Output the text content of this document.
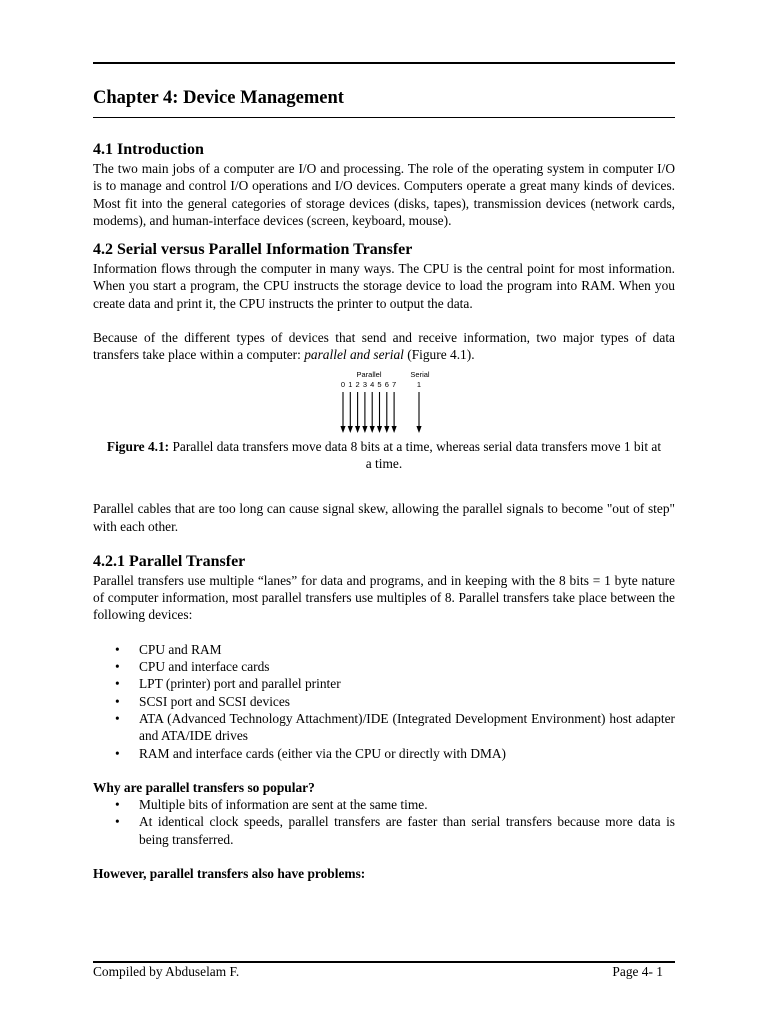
Chapter 4: Device Management
4.1 Introduction

The two main jobs of a computer are I/O and processing. The role of the operating system in computer I/O is to manage and control I/O operations and I/O devices. Computers operate a great many kinds of devices. Most fit into the general categories of storage devices (disks, tapes), transmission devices (network cards, modems), and human-interface devices (screen, keyboard, mouse).

4.2 Serial versus Parallel Information Transfer

Information flows through the computer in many ways. The CPU is the central point for most information. When you start a program, the CPU instructs the storage device to load the program into RAM. When you create data and print it, the CPU instructs the printer to output the data.

Because of the different types of devices that send and receive information, two major types of data transfers take place within a computer: parallel and serial (Figure 4.1).

Parallel	Serial
0 1 2 3 4 5 6 7	1

Figure 4.1: Parallel data transfers move data 8 bits at a time, whereas serial data transfers move 1 bit at a time.

Parallel cables that are too long can cause signal skew, allowing the parallel signals to become "out of step" with each other.

4.2.1 Parallel Transfer

Parallel transfers use multiple “lanes” for data and programs, and in keeping with the 8 bits = 1 byte nature of computer information, most parallel transfers use multiples of 8. Parallel transfers take place between the following devices:

• CPU and RAM
• CPU and interface cards
• LPT (printer) port and parallel printer
• SCSI port and SCSI devices
• ATA (Advanced Technology Attachment)/IDE (Integrated Development Environment) host adapter and ATA/IDE drives
• RAM and interface cards (either via the CPU or directly with DMA)

Why are parallel transfers so popular?

• Multiple bits of information are sent at the same time.
• At identical clock speeds, parallel transfers are faster than serial transfers because more data is being transferred.

However, parallel transfers also have problems:

Compiled by Abduselam F.	Page 4- 1
